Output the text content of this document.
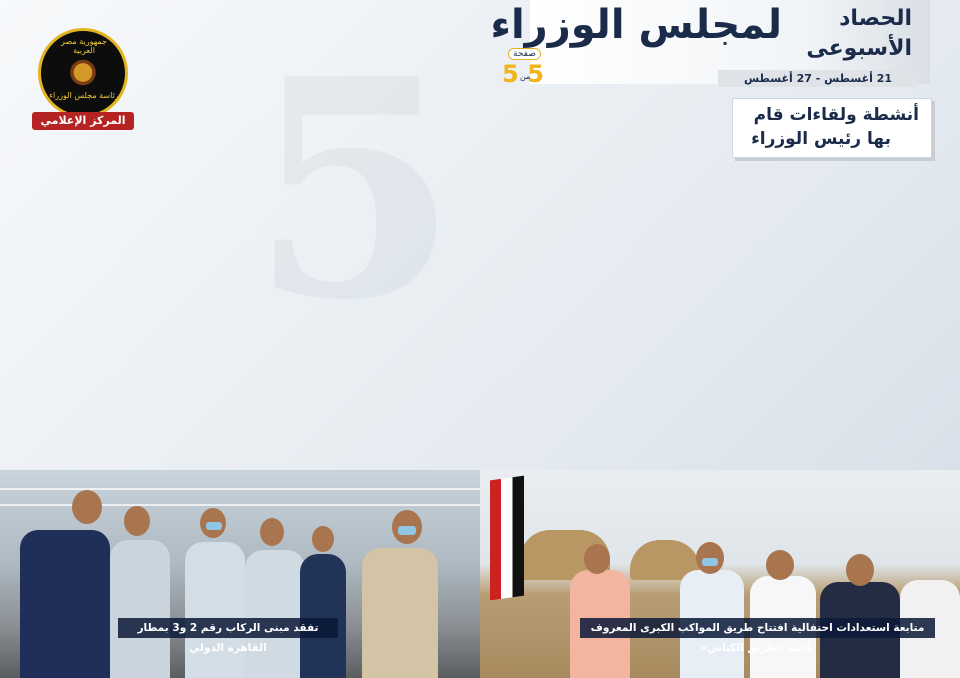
5 لمجلس الوزراء	الحصاد
الأسبوعى
21 أغسطس - 27 أغسطس
صفحة
5
من
5
جمهورية مصر العربية
رئاسة مجلس الوزراء
المركز الإعلامي	أنشطة ولقاءات قام
بها رئيس الوزراء
تفقد مبنى الركاب رقم 2 و3 بمطار القاهرة الدولي
متابعة استعدادات احتفالية افتتاح طريق المواكب الكبرى المعروف باسم «طريق الكباش»
